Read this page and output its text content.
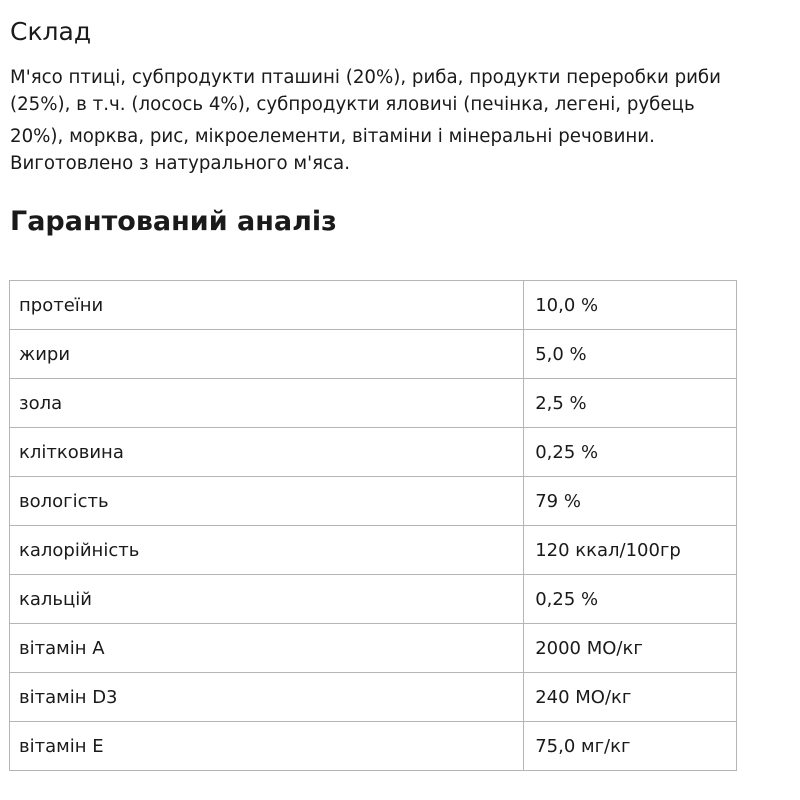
Склад

М'ясо птиці, субпродукти пташині (20%), риба, продукти переробки риби
(25%), в т.ч. (лосось 4%), субпродукти яловичі (печінка, легені, рубець
20%), морква, рис, мікроелементи, вітаміни і мінеральні речовини.
Виготовлено з натурального м'яса.

Гарантований аналіз
протеїни	10,0 %
жири	5,0 %
зола	2,5 %
клітковина	0,25 %
вологість	79 %
калорійність	120 ккал/100гр
кальцій	0,25 %
вітамін А	2000 МО/кг
вітамін D3	240 МО/кг
вітамін Е	75,0 мг/кг
